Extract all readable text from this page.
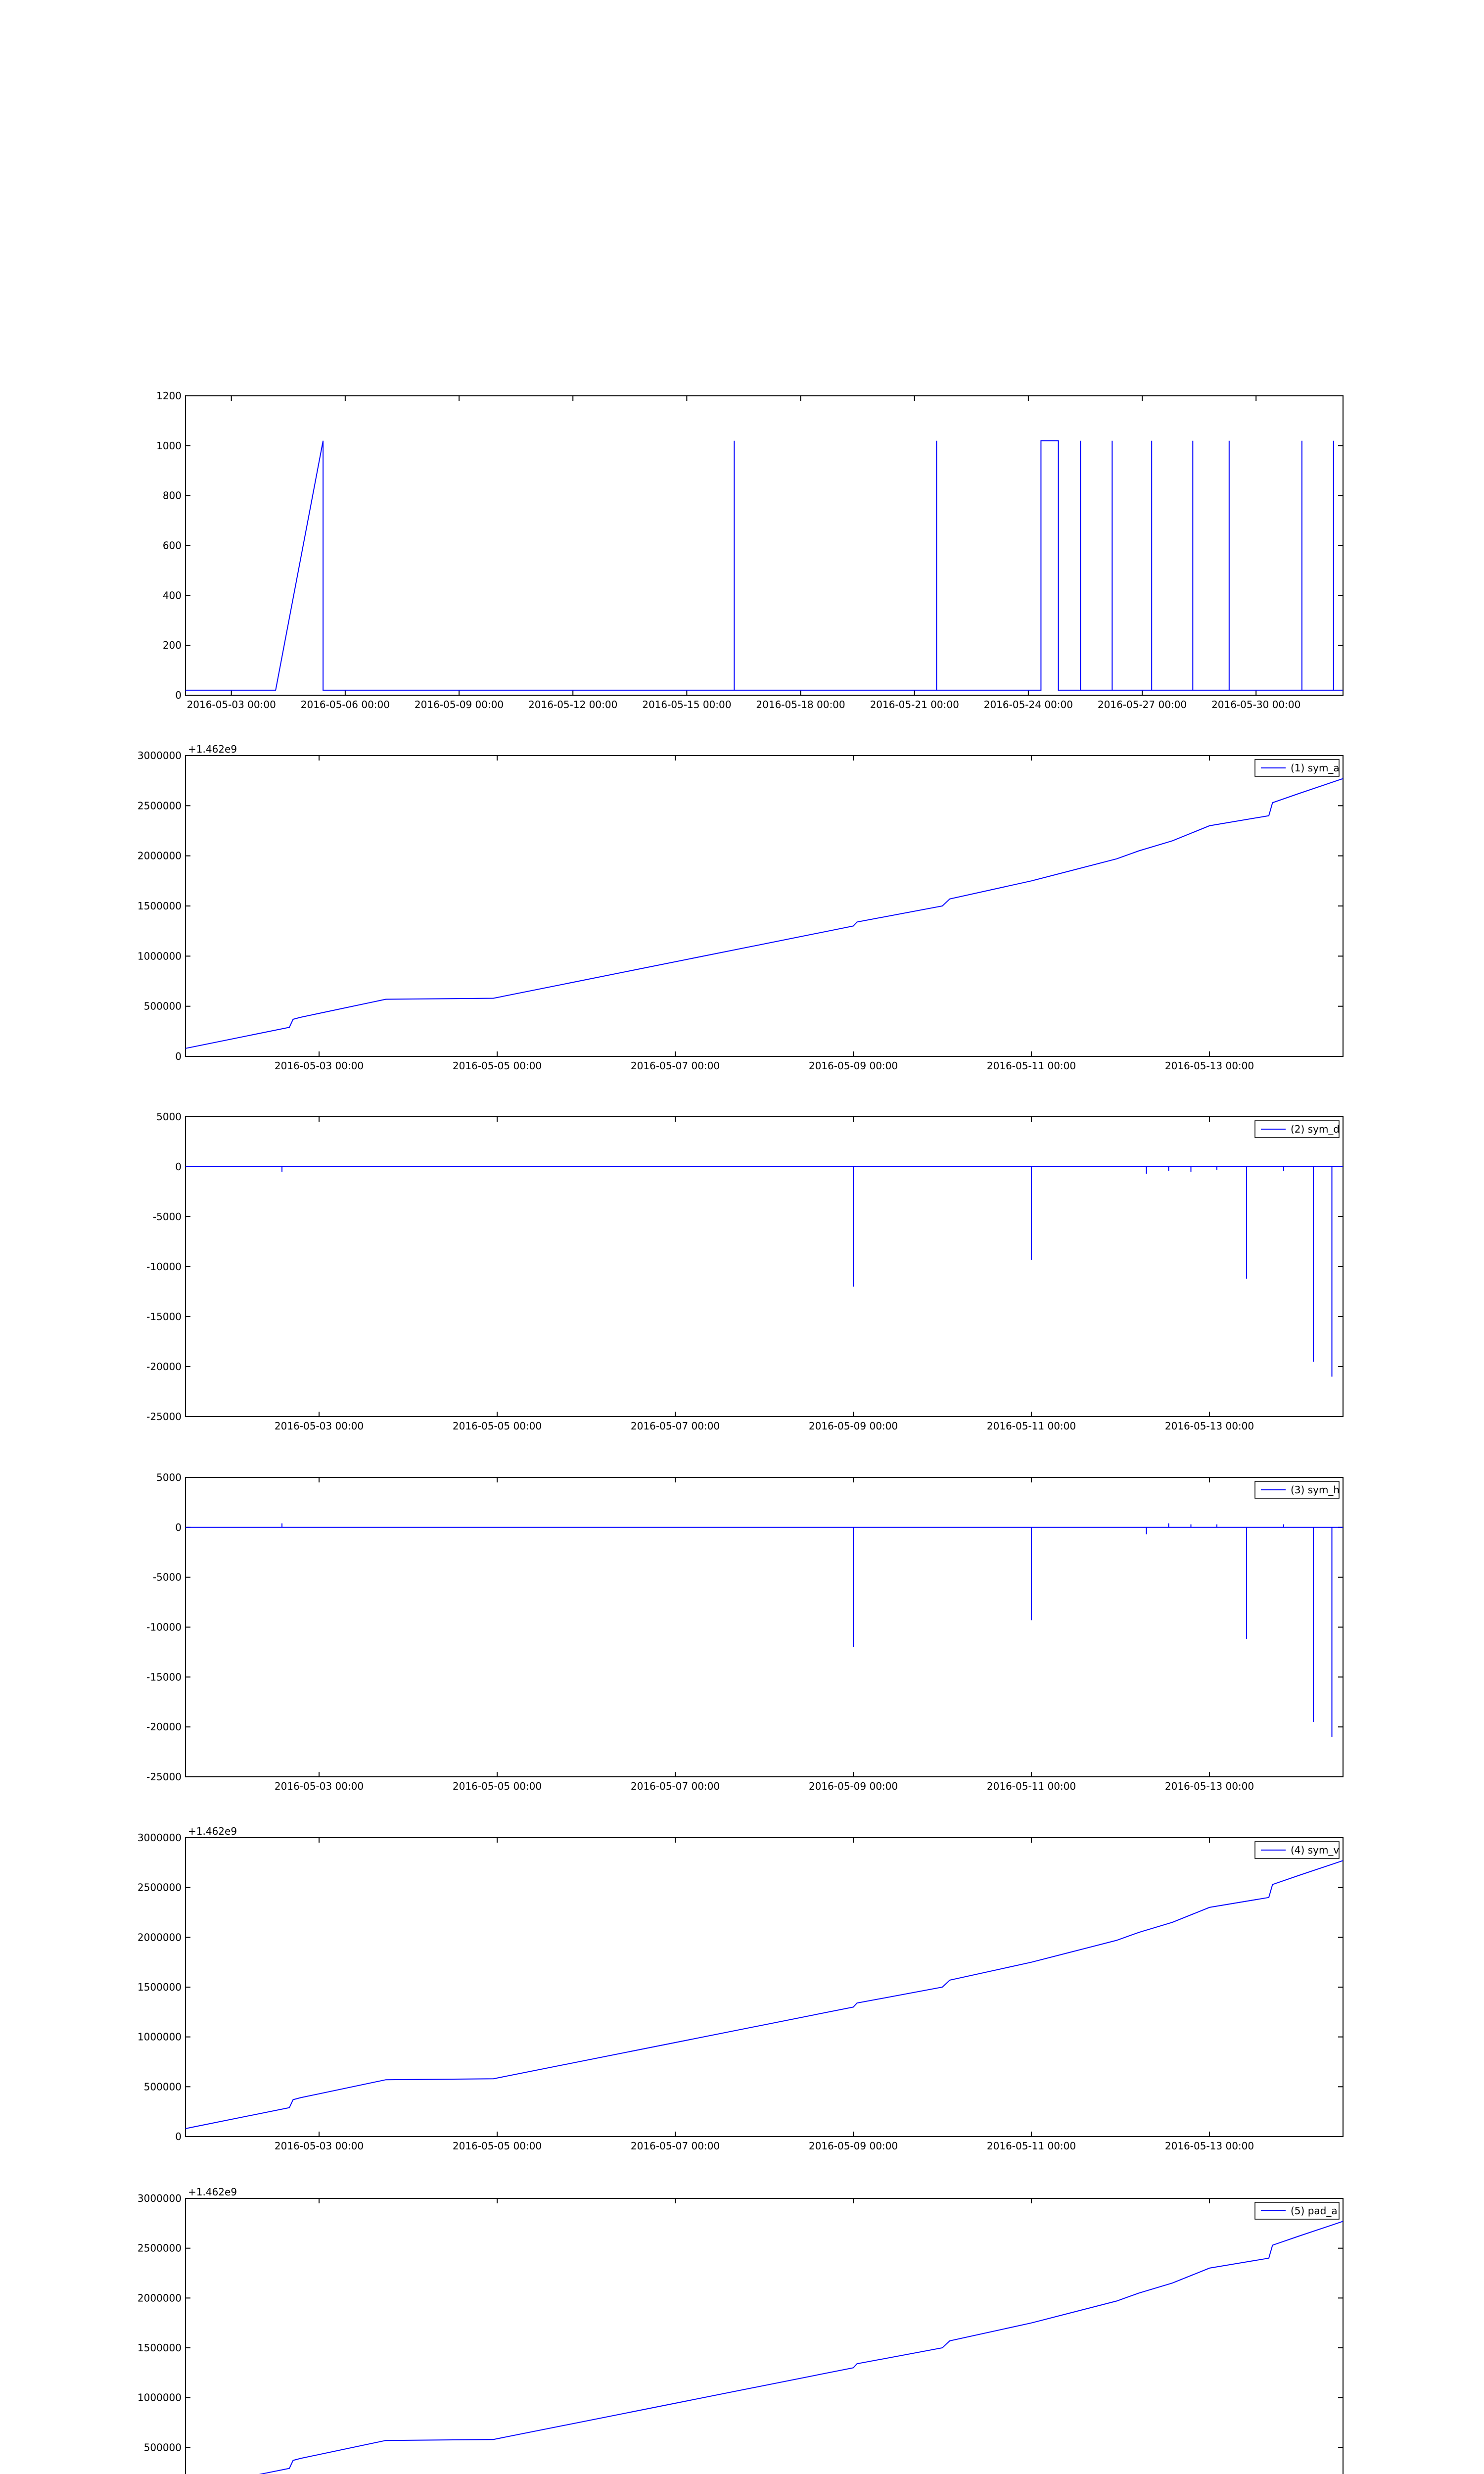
0
200
400
600
800
1000
1200
2016-05-03 00:00 2016-05-06 00:00 2016-05-09 00:00 2016-05-12 00:00 2016-05-15 00:00 2016-05-18 00:00 2016-05-21 00:00 2016-05-24 00:00 2016-05-27 00:00 2016-05-30 00:00
0
500000
1000000
1500000
2000000
2500000
3000000
2016-05-03 00:00	2016-05-05 00:00	2016-05-07 00:00	2016-05-09 00:00	2016-05-11 00:00	2016-05-13 00:00
+1.462e9
(1) sym_a
-25000
-20000
-15000
-10000
-5000
0
5000
2016-05-03 00:00	2016-05-05 00:00	2016-05-07 00:00	2016-05-09 00:00	2016-05-11 00:00	2016-05-13 00:00
(2) sym_d
-25000
-20000
-15000
-10000
-5000
0
5000
2016-05-03 00:00	2016-05-05 00:00	2016-05-07 00:00	2016-05-09 00:00	2016-05-11 00:00	2016-05-13 00:00
(3) sym_h
0
500000
1000000
1500000
2000000
2500000
3000000
2016-05-03 00:00	2016-05-05 00:00	2016-05-07 00:00	2016-05-09 00:00	2016-05-11 00:00	2016-05-13 00:00
+1.462e9
(4) sym_v
500000
1000000
1500000
2000000
2500000
3000000
+1.462e9
(5) pad_a
